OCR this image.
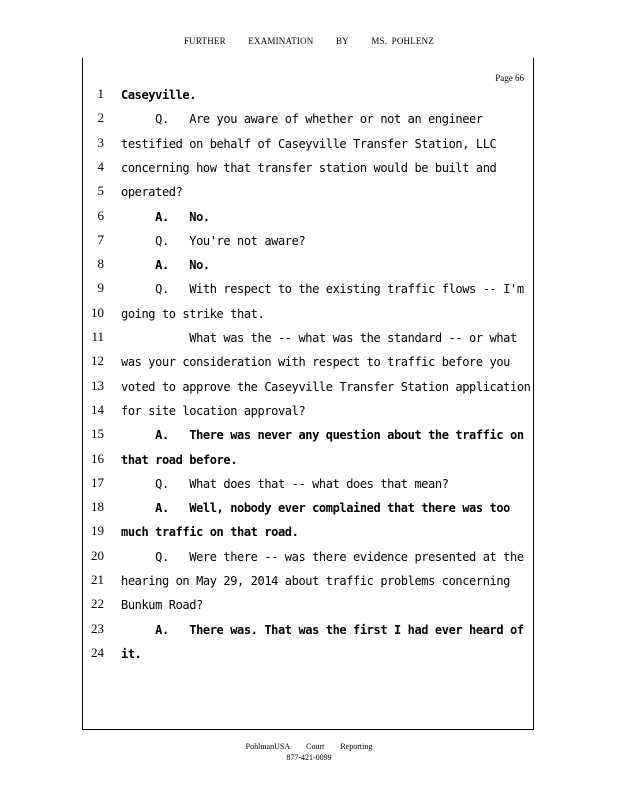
FURTHER EXAMINATION BY MS. POHLENZ
Page 66
1 Caseyville.
2 Q.   Are you aware of whether or not an engineer
3 testified on behalf of Caseyville Transfer Station, LLC
4 concerning how that transfer station would be built and
5 operated?
6 A.   No.
7 Q.   You're not aware?
8 A.   No.
9 Q.   With respect to the existing traffic flows -- I'm
10 going to strike that.
11 What was the -- what was the standard -- or what
12 was your consideration with respect to traffic before you
13 voted to approve the Caseyville Transfer Station application
14 for site location approval?
15 A.   There was never any question about the traffic on
16 that road before.
17 Q.   What does that -- what does that mean?
18 A.   Well, nobody ever complained that there was too
19 much traffic on that road.
20 Q.   Were there -- was there evidence presented at the
21 hearing on May 29, 2014 about traffic problems concerning
22 Bunkum Road?
23 A.   There was. That was the first I had ever heard of
24 it.
PohlmanUSA Court Reporting
877-421-0099
